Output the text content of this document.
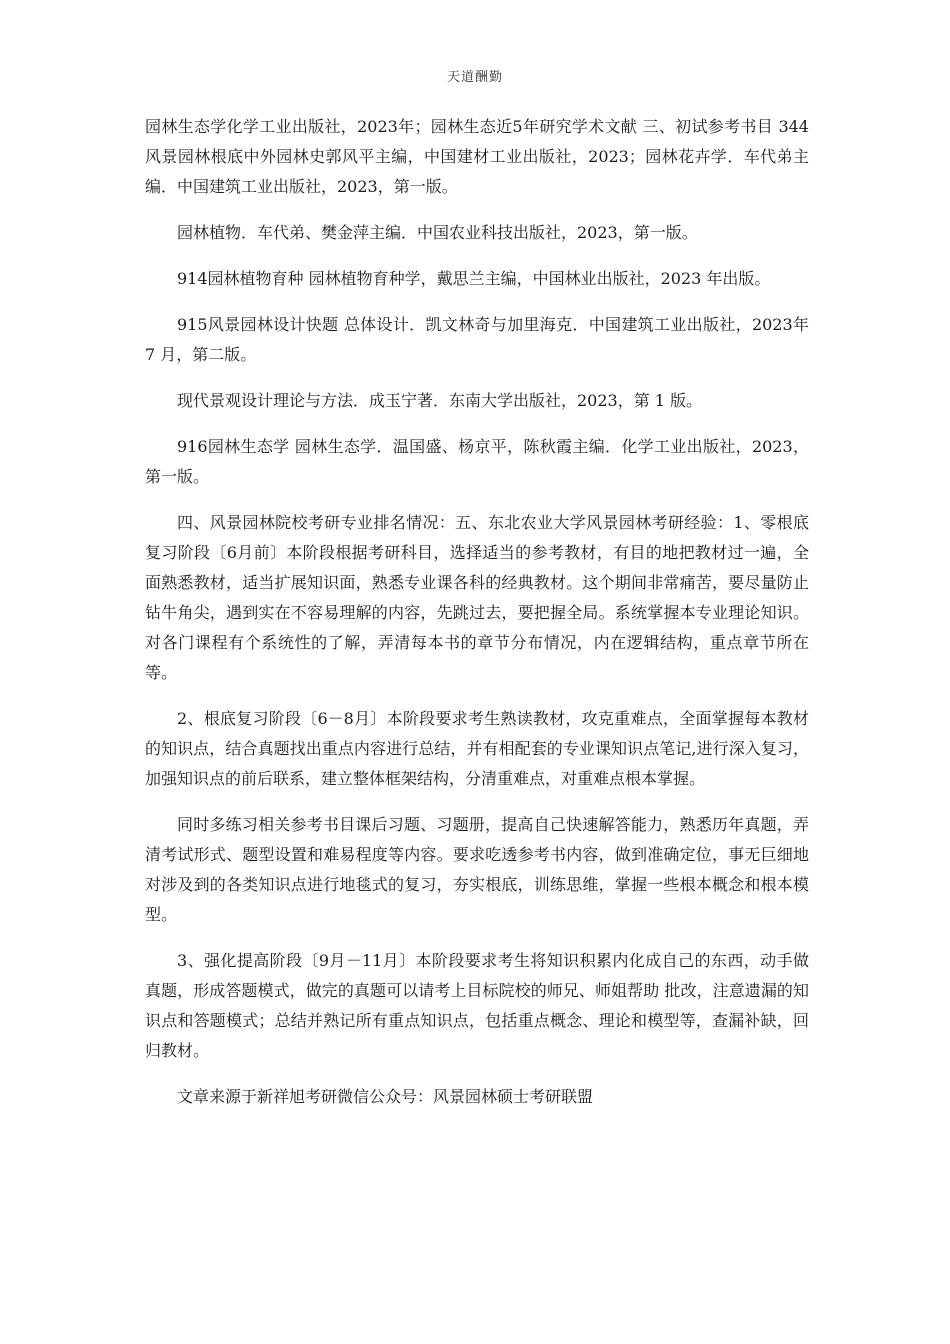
天道酬勤

园林生态学化学工业出版社，2023年；园林生态近5年研究学术文献 三、初试参考书目 344风景园林根底中外园林史郭风平主编，中国建材工业出版社，2023；园林花卉学．车代弟主编．中国建筑工业出版社，2023，第一版。

园林植物．车代弟、樊金萍主编．中国农业科技出版社，2023，第一版。

914园林植物育种 园林植物育种学，戴思兰主编，中国林业出版社，2023 年出版。

915风景园林设计快题 总体设计．凯文林奇与加里海克．中国建筑工业出版社，2023年 7 月，第二版。

现代景观设计理论与方法．成玉宁著．东南大学出版社，2023，第 1 版。

916园林生态学 园林生态学．温国盛、杨京平，陈秋霞主编．化学工业出版社，2023，第一版。

四、风景园林院校考研专业排名情况：五、东北农业大学风景园林考研经验：1、零根底复习阶段〔6月前〕本阶段根据考研科目，选择适当的参考教材，有目的地把教材过一遍，全面熟悉教材，适当扩展知识面，熟悉专业课各科的经典教材。这个期间非常痛苦，要尽量防止钻牛角尖，遇到实在不容易理解的内容，先跳过去，要把握全局。系统掌握本专业理论知识。对各门课程有个系统性的了解，弄清每本书的章节分布情况，内在逻辑结构，重点章节所在等。

2、根底复习阶段〔6－8月〕本阶段要求考生熟读教材，攻克重难点，全面掌握每本教材的知识点，结合真题找出重点内容进行总结，并有相配套的专业课知识点笔记,进行深入复习，加强知识点的前后联系，建立整体框架结构，分清重难点，对重难点根本掌握。

同时多练习相关参考书目课后习题、习题册，提高自己快速解答能力，熟悉历年真题，弄清考试形式、题型设置和难易程度等内容。要求吃透参考书内容，做到准确定位，事无巨细地对涉及到的各类知识点进行地毯式的复习，夯实根底，训练思维，掌握一些根本概念和根本模型。

3、强化提高阶段〔9月－11月〕本阶段要求考生将知识积累内化成自己的东西，动手做真题，形成答题模式，做完的真题可以请考上目标院校的师兄、师姐帮助 批改，注意遗漏的知识点和答题模式；总结并熟记所有重点知识点，包括重点概念、理论和模型等，查漏补缺，回归教材。

文章来源于新祥旭考研微信公众号：风景园林硕士考研联盟
